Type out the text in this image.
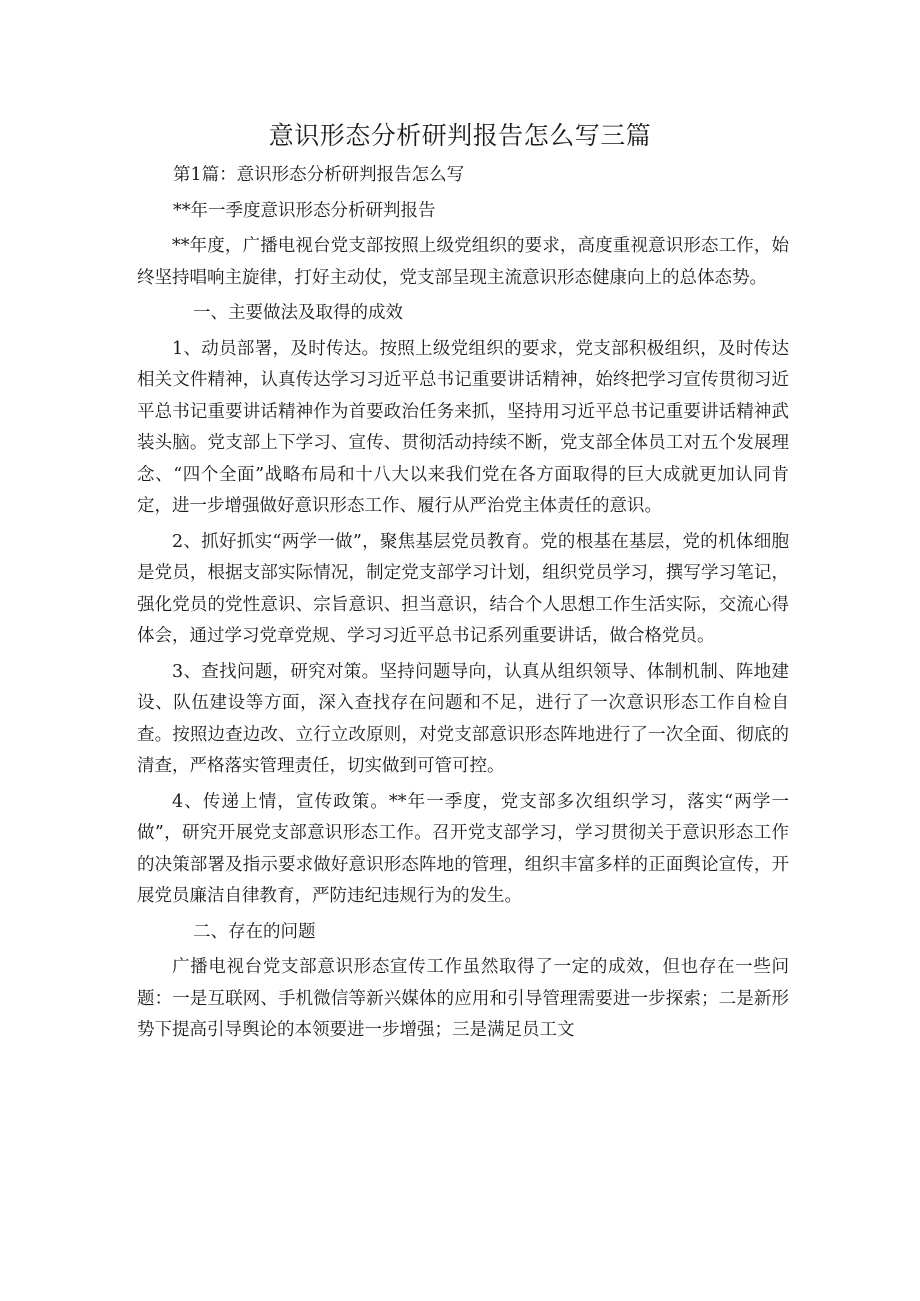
意识形态分析研判报告怎么写三篇

第1篇：意识形态分析研判报告怎么写

**年一季度意识形态分析研判报告

**年度，广播电视台党支部按照上级党组织的要求，高度重视意识形态工作，始终坚持唱响主旋律，打好主动仗，党支部呈现主流意识形态健康向上的总体态势。

一、主要做法及取得的成效

1、动员部署，及时传达。按照上级党组织的要求，党支部积极组织，及时传达相关文件精神，认真传达学习习近平总书记重要讲话精神，始终把学习宣传贯彻习近平总书记重要讲话精神作为首要政治任务来抓，坚持用习近平总书记重要讲话精神武装头脑。党支部上下学习、宣传、贯彻活动持续不断，党支部全体员工对五个发展理念、“四个全面”战略布局和十八大以来我们党在各方面取得的巨大成就更加认同肯定，进一步增强做好意识形态工作、履行从严治党主体责任的意识。

2、抓好抓实“两学一做”，聚焦基层党员教育。党的根基在基层，党的机体细胞是党员，根据支部实际情况，制定党支部学习计划，组织党员学习，撰写学习笔记，强化党员的党性意识、宗旨意识、担当意识，结合个人思想工作生活实际，交流心得体会，通过学习党章党规、学习习近平总书记系列重要讲话，做合格党员。

3、查找问题，研究对策。坚持问题导向，认真从组织领导、体制机制、阵地建设、队伍建设等方面，深入查找存在问题和不足，进行了一次意识形态工作自检自查。按照边查边改、立行立改原则，对党支部意识形态阵地进行了一次全面、彻底的清查，严格落实管理责任，切实做到可管可控。

4、传递上情，宣传政策。**年一季度，党支部多次组织学习，落实“两学一做”，研究开展党支部意识形态工作。召开党支部学习，学习贯彻关于意识形态工作的决策部署及指示要求做好意识形态阵地的管理，组织丰富多样的正面舆论宣传，开展党员廉洁自律教育，严防违纪违规行为的发生。

二、存在的问题

广播电视台党支部意识形态宣传工作虽然取得了一定的成效，但也存在一些问题：一是互联网、手机微信等新兴媒体的应用和引导管理需要进一步探索；二是新形势下提高引导舆论的本领要进一步增强；三是满足员工文
